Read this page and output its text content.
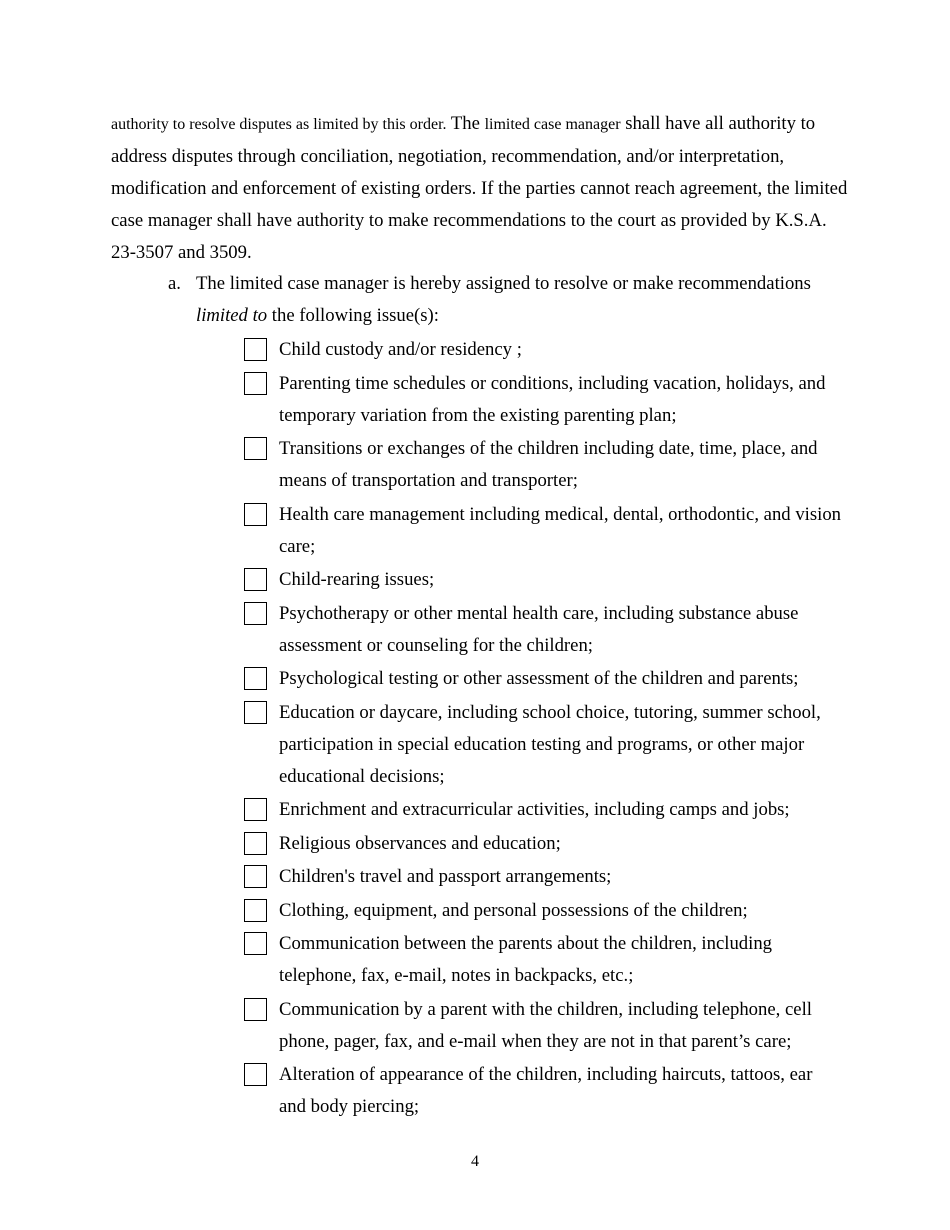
authority to resolve disputes as limited by this order. The limited case manager shall have all authority to address disputes through conciliation, negotiation, recommendation, and/or interpretation, modification and enforcement of existing orders. If the parties cannot reach agreement, the limited case manager shall have authority to make recommendations to the court as provided by K.S.A. 23-3507 and 3509.

a. The limited case manager is hereby assigned to resolve or make recommendations limited to the following issue(s):
Child custody and/or residency ;
Parenting time schedules or conditions, including vacation, holidays, and temporary variation from the existing parenting plan;
Transitions or exchanges of the children including date, time, place, and means of transportation and transporter;
Health care management including medical, dental, orthodontic, and vision care;
Child-rearing issues;
Psychotherapy or other mental health care, including substance abuse assessment or counseling for the children;
Psychological testing or other assessment of the children and parents;
Education or daycare, including school choice, tutoring, summer school, participation in special education testing and programs, or other major educational decisions;
Enrichment and extracurricular activities, including camps and jobs;
Religious observances and education;
Children's travel and passport arrangements;
Clothing, equipment, and personal possessions of the children;
Communication between the parents about the children, including telephone, fax, e-mail, notes in backpacks, etc.;
Communication by a parent with the children, including telephone, cell phone, pager, fax, and e-mail when they are not in that parent’s care;
Alteration of appearance of the children, including haircuts, tattoos, ear and body piercing;
4
